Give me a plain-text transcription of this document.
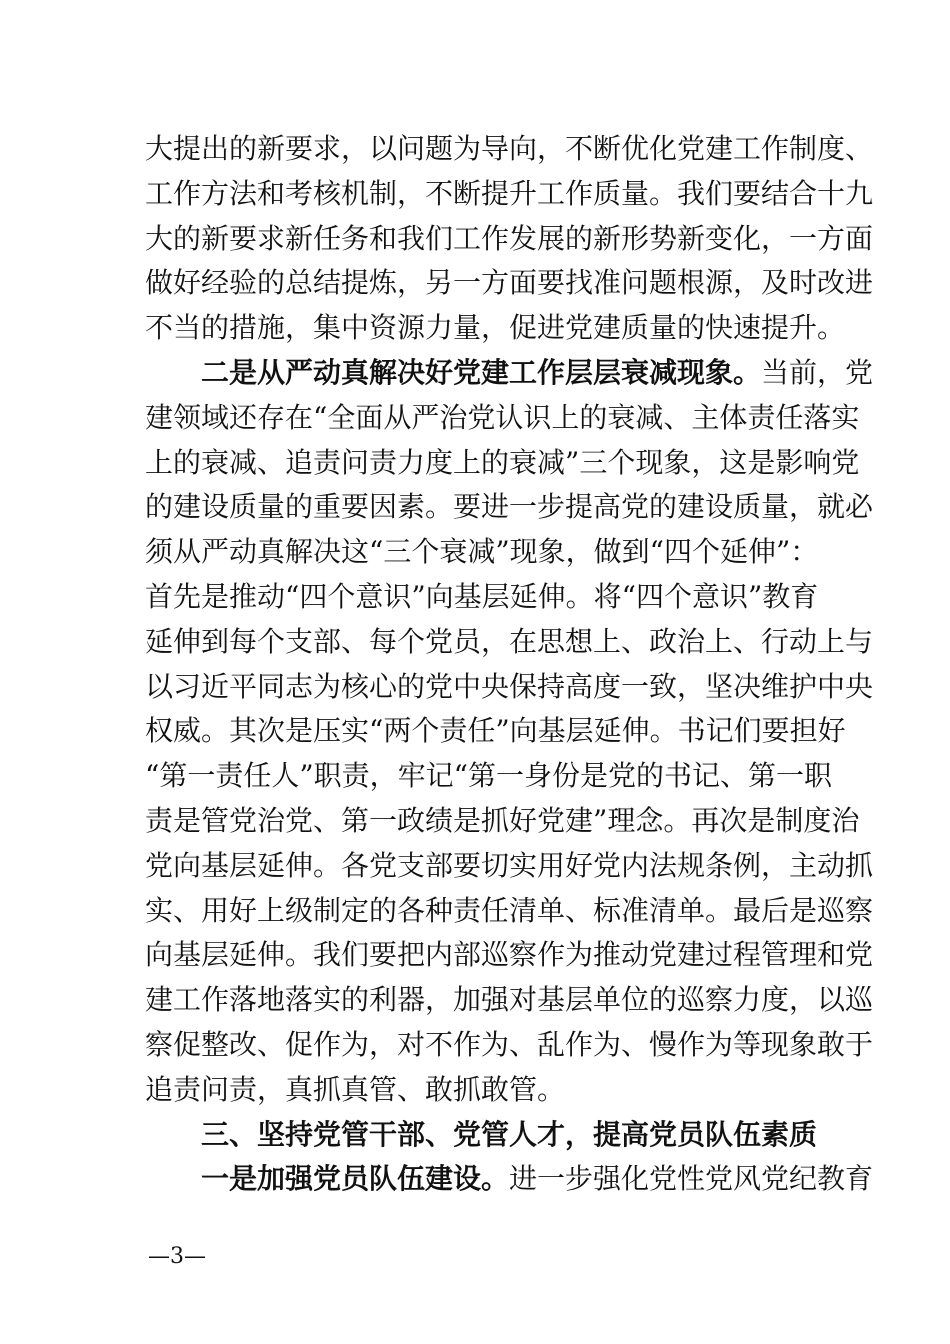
大提出的新要求，以问题为导向，不断优化党建工作制度、
工作方法和考核机制，不断提升工作质量。我们要结合十九
大的新要求新任务和我们工作发展的新形势新变化，一方面
做好经验的总结提炼，另一方面要找准问题根源，及时改进
不当的措施，集中资源力量，促进党建质量的快速提升。
二是从严动真解决好党建工作层层衰减现象。当前，党
建领域还存在“全面从严治党认识上的衰减、主体责任落实
上的衰减、追责问责力度上的衰减”三个现象，这是影响党
的建设质量的重要因素。要进一步提高党的建设质量，就必
须从严动真解决这“三个衰减”现象，做到“四个延伸”：
首先是推动“四个意识”向基层延伸。将“四个意识”教育
延伸到每个支部、每个党员，在思想上、政治上、行动上与
以习近平同志为核心的党中央保持高度一致，坚决维护中央
权威。其次是压实“两个责任”向基层延伸。书记们要担好
“第一责任人”职责，牢记“第一身份是党的书记、第一职
责是管党治党、第一政绩是抓好党建”理念。再次是制度治
党向基层延伸。各党支部要切实用好党内法规条例，主动抓
实、用好上级制定的各种责任清单、标准清单。最后是巡察
向基层延伸。我们要把内部巡察作为推动党建过程管理和党
建工作落地落实的利器，加强对基层单位的巡察力度，以巡
察促整改、促作为，对不作为、乱作为、慢作为等现象敢于
追责问责，真抓真管、敢抓敢管。
三、坚持党管干部、党管人才，提高党员队伍素质
一是加强党员队伍建设。进一步强化党性党风党纪教育
—3—
